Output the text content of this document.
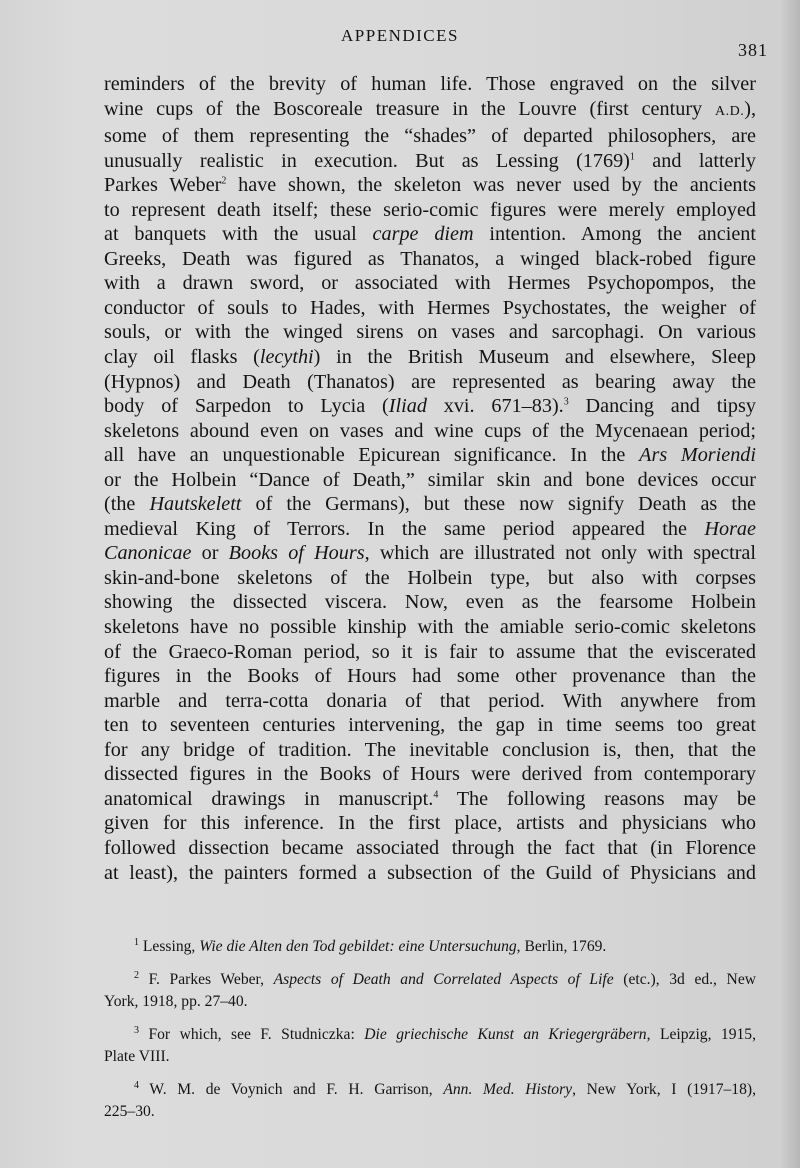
APPENDICES
381
reminders of the brevity of human life. Those engraved on the silver
wine cups of the Boscoreale treasure in the Louvre (first century A.D.),
some of them representing the “shades” of departed philosophers, are
unusually realistic in execution. But as Lessing $(1769)^1$ and latterly
Parkes Weber$^2$ have shown, the skeleton was never used by the ancients
to represent death itself; these serio-comic figures were merely employed
at banquets with the usual carpe diem intention. Among the ancient
Greeks, Death was figured as Thanatos, a winged black-robed figure
with a drawn sword, or associated with Hermes Psychopompos, the
conductor of souls to Hades, with Hermes Psychostates, the weigher of
souls, or with the winged sirens on vases and sarcophagi. On various
clay oil flasks (lecythi) in the British Museum and elsewhere, Sleep
(Hypnos) and Death (Thanatos) are represented as bearing away the
body of Sarpedon to Lycia (Iliad xvi. 671–83).$^3$ Dancing and tipsy
skeletons abound even on vases and wine cups of the Mycenaean period;
all have an unquestionable Epicurean significance. In the Ars Moriendi
or the Holbein “Dance of Death,” similar skin and bone devices occur
(the Hautskelett of the Germans), but these now signify Death as the
medieval King of Terrors. In the same period appeared the Horae
Canonicae or Books of Hours, which are illustrated not only with spectral
skin-and-bone skeletons of the Holbein type, but also with corpses
showing the dissected viscera. Now, even as the fearsome Holbein
skeletons have no possible kinship with the amiable serio-comic skeletons
of the Graeco-Roman period, so it is fair to assume that the eviscerated
figures in the Books of Hours had some other provenance than the
marble and terra-cotta donaria of that period. With anywhere from
ten to seventeen centuries intervening, the gap in time seems too great
for any bridge of tradition. The inevitable conclusion is, then, that the
dissected figures in the Books of Hours were derived from contemporary
anatomical drawings in manuscript.$^4$ The following reasons may be
given for this inference. In the first place, artists and physicians who
followed dissection became associated through the fact that (in Florence
at least), the painters formed a subsection of the Guild of Physicians and
$^1$ Lessing, Wie die Alten den Tod gebildet: eine Untersuchung, Berlin, 1769.
$^2$ F. Parkes Weber, Aspects of Death and Correlated Aspects of Life (etc.), 3d ed., New
York, 1918, pp. 27–40.
$^3$ For which, see F. Studniczka: Die griechische Kunst an Kriegergräbern, Leipzig, 1915,
Plate VIII.
$^4$ W. M. de Voynich and F. H. Garrison, Ann. Med. History, New York, I (1917–18),
225–30.
